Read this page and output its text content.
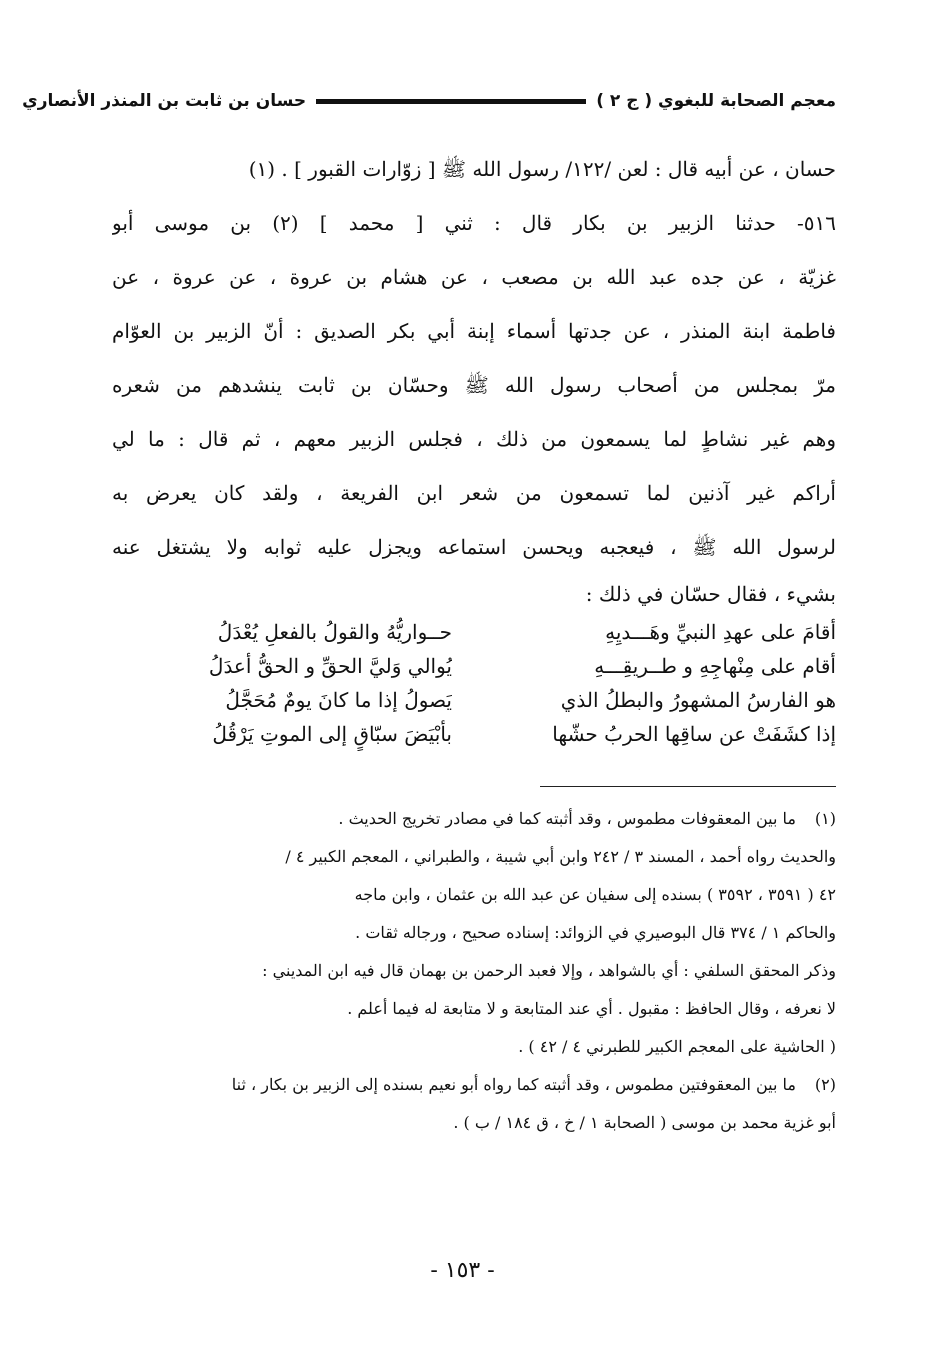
معجم الصحابة للبغوي ( ج ٢ )
حسان بن ثابت بن المنذر الأنصاري
حسان ، عن أبيه قال : لعن /١٢٢/ رسول الله ﷺ [ زوّارات القبور ] . (١)
٥١٦- حدثنا الزبير بن بكار قال : ثني [ محمد ] (٢) بن موسى أبو
غزيّة ، عن جده عبد الله بن مصعب ، عن هشام بن عروة ، عن عروة ، عن
فاطمة ابنة المنذر ، عن جدتها أسماء إبنة أبي بكر الصديق : أنّ الزبير بن العوّام
مرّ بمجلس من أصحاب رسول الله ﷺ وحسّان بن ثابت ينشدهم من شعره
وهم غير نشاطٍ لما يسمعون من ذلك ، فجلس الزبير معهم ، ثم قال : ما لي
أراكم غير آذنين لما تسمعون من شعر ابن الفريعة ، ولقد كان يعرض به
لرسول الله ﷺ ، فيعجبه ويحسن استماعه ويجزل عليه ثوابه ولا يشتغل عنه
بشيء ، فقال حسّان في ذلك :
أقامَ على عهدِ النبيِّ وهَـــديِهِ
حــواريُّهُ والقولُ بالفعلِ يُعْدَلُ
أقام على مِنْهاجِهِ و طــريقِـــهِ
يُوالي وَليَّ الحقِّ و الحقُّ أعدَلُ
هو الفارسُ المشهورُ والبطلُ الذي
يَصولُ إذا ما كانَ يومٌ مُحَجَّلُ
إذا كشَفَتْ عن ساقِها الحربُ حشّها
بأبْيَضَ سبّاقٍ إلى الموتِ يَرْقُلُ
(١)ما بين المعقوفات مطموس ، وقد أثبته كما في مصادر تخريج الحديث .
والحديث رواه أحمد ، المسند ٣ / ٢٤٢ وابن أبي شيبة ، والطبراني ، المعجم الكبير ٤ /
٤٢ ( ٣٥٩١ ، ٣٥٩٢ ) بسنده إلى سفيان عن عبد الله بن عثمان ، وابن ماجه
والحاكم ١ / ٣٧٤ قال البوصيري في الزوائد: إسناده صحيح ، ورجاله ثقات .
وذكر المحقق السلفي : أي بالشواهد ، وإلا فعبد الرحمن بن بهمان قال فيه ابن المديني :
لا نعرفه ، وقال الحافظ : مقبول . أي عند المتابعة و لا متابعة له فيما أعلم .
( الحاشية على المعجم الكبير للطبرني ٤ / ٤٢ ) .
(٢)ما بين المعقوفتين مطموس ، وقد أثبته كما رواه أبو نعيم بسنده إلى الزبير بن بكار ، ثنا
أبو غزية محمد بن موسى ( الصحابة ١ / خ ، ق ١٨٤ / ب ) .
- ١٥٣ -
